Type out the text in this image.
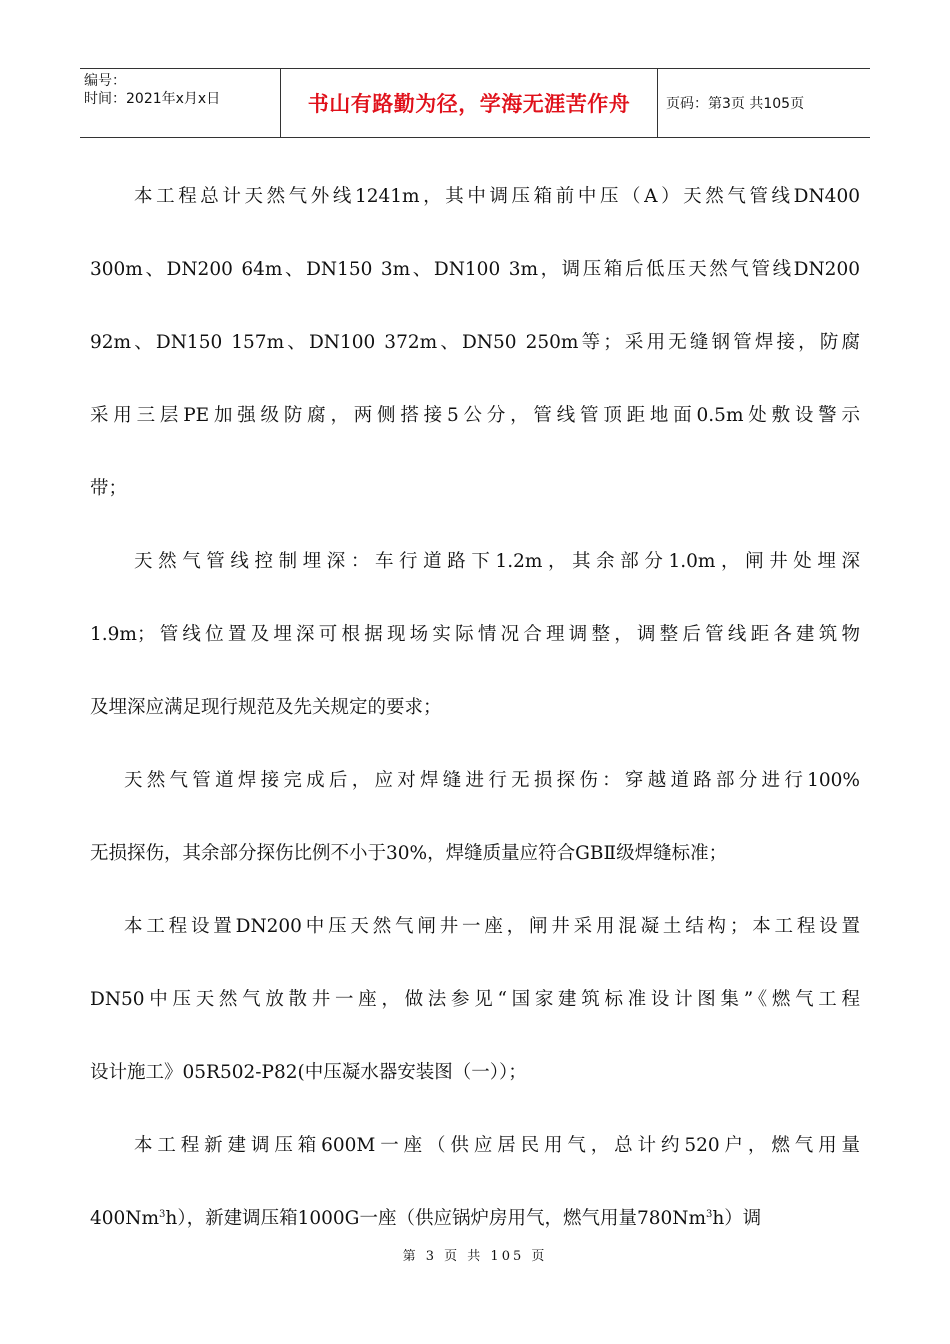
编号：
时间：2021年x月x日	书山有路勤为径，学海无涯苦作舟	页码：第3页 共105页
本工程总计天然气外线1241m，其中调压箱前中压（A）天然气管线DN400
300m、DN200 64m、DN150 3m、DN100 3m，调压箱后低压天然气管线DN200
92m、DN150 157m、DN100 372m、DN50 250m等；采用无缝钢管焊接，防腐
采用三层PE加强级防腐，两侧搭接5公分，管线管顶距地面0.5m处敷设警示
带；
天然气管线控制埋深：车行道路下1.2m，其余部分1.0m，闸井处埋深
1.9m；管线位置及埋深可根据现场实际情况合理调整，调整后管线距各建筑物
及埋深应满足现行规范及先关规定的要求；
天然气管道焊接完成后，应对焊缝进行无损探伤：穿越道路部分进行100%
无损探伤，其余部分探伤比例不小于30%，焊缝质量应符合GBⅡ级焊缝标准；
本工程设置DN200中压天然气闸井一座，闸井采用混凝土结构；本工程设置
DN50中压天然气放散井一座，做法参见“国家建筑标准设计图集”《燃气工程
设计施工》05R502-P82(中压凝水器安装图（一））；
本工程新建调压箱600M一座（供应居民用气，总计约520户，燃气用量
400Nm$^3$h），新建调压箱1000G一座（供应锅炉房用气，燃气用量780Nm$^3$h）调
第 3 页 共 105 页
